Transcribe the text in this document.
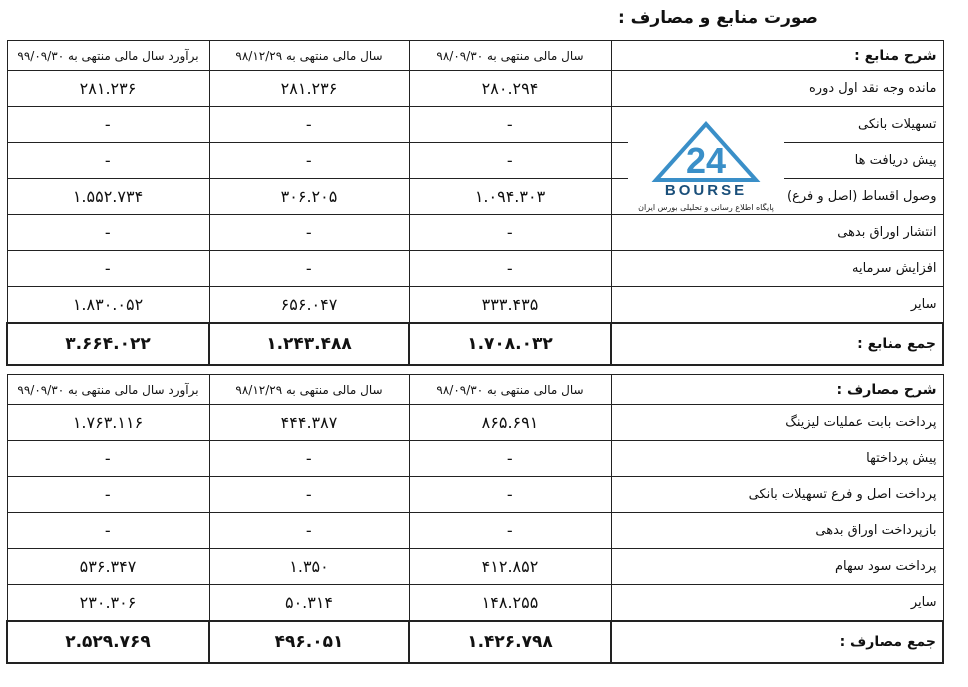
صورت منابع و مصارف :
شرح منابع :	سال مالی منتهی به ۹۸/۰۹/۳۰	سال مالی منتهی به ۹۸/۱۲/۲۹	برآورد سال مالی منتهی به ۹۹/۰۹/۳۰
مانده وجه نقد اول دوره	۲۸۰.۲۹۴	۲۸۱.۲۳۶	۲۸۱.۲۳۶
تسهیلات بانکی	-	-	-
پیش دریافت ها	-	-	-
وصول اقساط (اصل و فرع)	۱.۰۹۴.۳۰۳	۳۰۶.۲۰۵	۱.۵۵۲.۷۳۴
انتشار اوراق بدهی	-	-	-
افزایش سرمایه	-	-	-
سایر	۳۳۳.۴۳۵	۶۵۶.۰۴۷	۱.۸۳۰.۰۵۲
جمع منابع :	۱.۷۰۸.۰۳۲	۱.۲۴۳.۴۸۸	۳.۶۶۴.۰۲۲
شرح مصارف :	سال مالی منتهی به ۹۸/۰۹/۳۰	سال مالی منتهی به ۹۸/۱۲/۲۹	برآورد سال مالی منتهی به ۹۹/۰۹/۳۰
پرداخت بابت عملیات لیزینگ	۸۶۵.۶۹۱	۴۴۴.۳۸۷	۱.۷۶۳.۱۱۶
پیش پرداختها	-	-	-
پرداخت اصل و فرع تسهیلات بانکی	-	-	-
بازپرداخت اوراق بدهی	-	-	-
پرداخت سود سهام	۴۱۲.۸۵۲	۱.۳۵۰	۵۳۶.۳۴۷
سایر	۱۴۸.۲۵۵	۵۰.۳۱۴	۲۳۰.۳۰۶
جمع مصارف :	۱.۴۲۶.۷۹۸	۴۹۶.۰۵۱	۲.۵۲۹.۷۶۹
24
BOURSE
پایگاه اطلاع رسانی و تحلیلی بورس ایران
